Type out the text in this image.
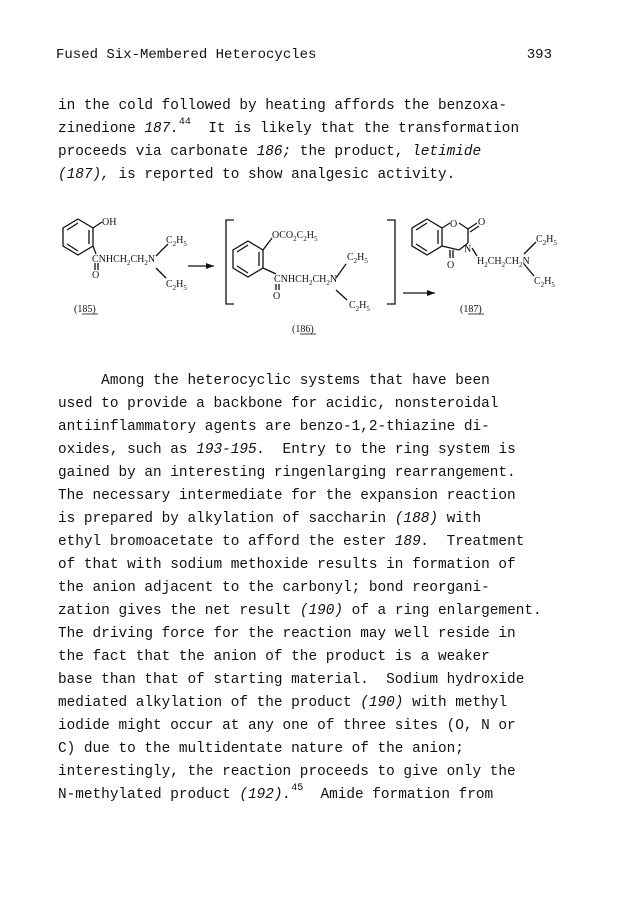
Fused Six-Membered Heterocycles	393
in the cold followed by heating affords the benzoxa-
zinedione 187.44  It is likely that the transformation
proceeds via carbonate 186; the product, letimide
(187), is reported to show analgesic activity.
OH
$CNHCH_2CH_2N$
O
$C_2H_5$
$C_2H_5$
(185)
$OCO_2C_2H_5$
$CNHCH_2CH_2N$
O
$C_2H_5$
$C_2H_5$
(186)
O O
N
O $H_2CH_2CH_2N$
$C_2H_5$
$C_2H_5$
(187)
Among the heterocyclic systems that have been
used to provide a backbone for acidic, nonsteroidal
antiinflammatory agents are benzo-1,2-thiazine di-
oxides, such as 193-195.  Entry to the ring system is
gained by an interesting ringenlarging rearrangement.
The necessary intermediate for the expansion reaction
is prepared by alkylation of saccharin (188) with
ethyl bromoacetate to afford the ester 189.  Treatment
of that with sodium methoxide results in formation of
the anion adjacent to the carbonyl; bond reorgani-
zation gives the net result (190) of a ring enlargement.
The driving force for the reaction may well reside in
the fact that the anion of the product is a weaker
base than that of starting material.  Sodium hydroxide
mediated alkylation of the product (190) with methyl
iodide might occur at any one of three sites (O, N or
C) due to the multidentate nature of the anion;
interestingly, the reaction proceeds to give only the
N-methylated product (192).$^{45}$  Amide formation from
